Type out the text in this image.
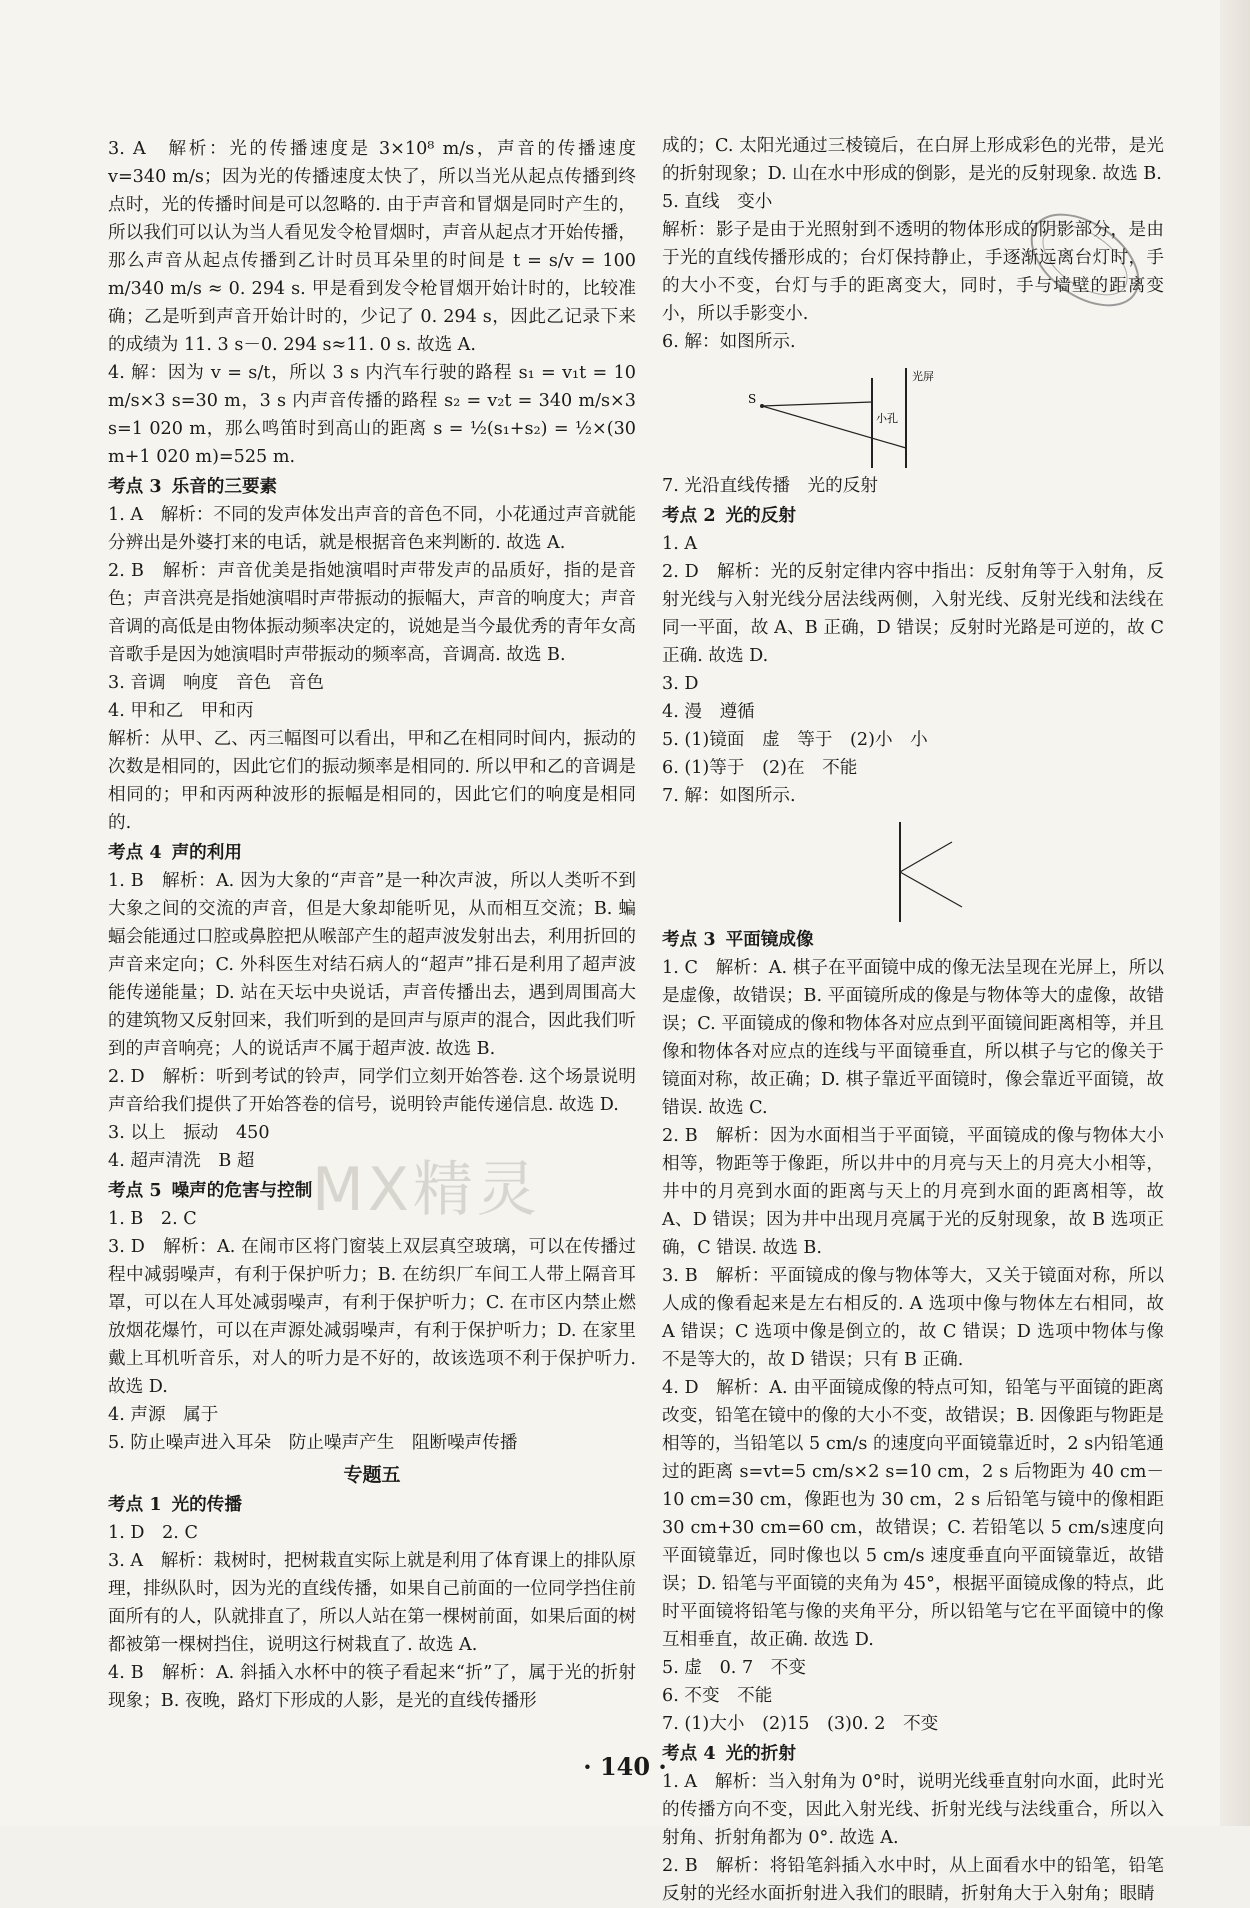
MX精灵

3. A　解析：光的传播速度是 3×10⁸ m/s，声音的传播速度 v=340 m/s；因为光的传播速度太快了，所以当光从起点传播到终点时，光的传播时间是可以忽略的. 由于声音和冒烟是同时产生的，所以我们可以认为当人看见发令枪冒烟时，声音从起点才开始传播，那么声音从起点传播到乙计时员耳朵里的时间是 t = s/v = 100 m/340 m/s ≈ 0. 294 s. 甲是看到发令枪冒烟开始计时的，比较准确；乙是听到声音开始计时的，少记了 0. 294 s，因此乙记录下来的成绩为 11. 3 s－0. 294 s≈11. 0 s. 故选 A.

4. 解：因为 v = s/t，所以 3 s 内汽车行驶的路程 s₁ = v₁t = 10 m/s×3 s=30 m，3 s 内声音传播的路程 s₂ = v₂t = 340 m/s×3 s=1 020 m，那么鸣笛时到高山的距离 s = ½(s₁+s₂) = ½×(30 m+1 020 m)=525 m.

考点 3 乐音的三要素

1. A　解析：不同的发声体发出声音的音色不同，小花通过声音就能分辨出是外婆打来的电话，就是根据音色来判断的. 故选 A.

2. B　解析：声音优美是指她演唱时声带发声的品质好，指的是音色；声音洪亮是指她演唱时声带振动的振幅大，声音的响度大；声音音调的高低是由物体振动频率决定的，说她是当今最优秀的青年女高音歌手是因为她演唱时声带振动的频率高，音调高. 故选 B.

3. 音调　响度　音色　音色

4. 甲和乙　甲和丙

解析：从甲、乙、丙三幅图可以看出，甲和乙在相同时间内，振动的次数是相同的，因此它们的振动频率是相同的. 所以甲和乙的音调是相同的；甲和丙两种波形的振幅是相同的，因此它们的响度是相同的.

考点 4 声的利用

1. B　解析：A. 因为大象的“声音”是一种次声波，所以人类听不到大象之间的交流的声音，但是大象却能听见，从而相互交流；B. 蝙蝠会能通过口腔或鼻腔把从喉部产生的超声波发射出去，利用折回的声音来定向；C. 外科医生对结石病人的“超声”排石是利用了超声波能传递能量；D. 站在天坛中央说话，声音传播出去，遇到周围高大的建筑物又反射回来，我们听到的是回声与原声的混合，因此我们听到的声音响亮；人的说话声不属于超声波. 故选 B.

2. D　解析：听到考试的铃声，同学们立刻开始答卷. 这个场景说明声音给我们提供了开始答卷的信号，说明铃声能传递信息. 故选 D.

3. 以上　振动　450

4. 超声清洗　B 超

考点 5 噪声的危害与控制

1. B　2. C

3. D　解析：A. 在闹市区将门窗装上双层真空玻璃，可以在传播过程中减弱噪声，有利于保护听力；B. 在纺织厂车间工人带上隔音耳罩，可以在人耳处减弱噪声，有利于保护听力；C. 在市区内禁止燃放烟花爆竹，可以在声源处减弱噪声，有利于保护听力；D. 在家里戴上耳机听音乐，对人的听力是不好的，故该选项不利于保护听力. 故选 D.

4. 声源　属于

5. 防止噪声进入耳朵　防止噪声产生　阻断噪声传播

专题五

考点 1 光的传播

1. D　2. C

3. A　解析：栽树时，把树栽直实际上就是利用了体育课上的排队原理，排纵队时，因为光的直线传播，如果自己前面的一位同学挡住前面所有的人，队就排直了，所以人站在第一棵树前面，如果后面的树都被第一棵树挡住，说明这行树栽直了. 故选 A.

4. B　解析：A. 斜插入水杯中的筷子看起来“折”了，属于光的折射现象；B. 夜晚，路灯下形成的人影，是光的直线传播形

成的；C. 太阳光通过三棱镜后，在白屏上形成彩色的光带，是光的折射现象；D. 山在水中形成的倒影，是光的反射现象. 故选 B.

5. 直线　变小

解析：影子是由于光照射到不透明的物体形成的阴影部分，是由于光的直线传播形成的；台灯保持静止，手逐渐远离台灯时，手的大小不变，台灯与手的距离变大，同时，手与墙壁的距离变小，所以手影变小.

6. 解：如图所示.

S
光屏
小孔

7. 光沿直线传播　光的反射

考点 2 光的反射

1. A

2. D　解析：光的反射定律内容中指出：反射角等于入射角，反射光线与入射光线分居法线两侧，入射光线、反射光线和法线在同一平面，故 A、B 正确，D 错误；反射时光路是可逆的，故 C 正确. 故选 D.

3. D

4. 漫　遵循

5. (1)镜面　虚　等于　(2)小　小

6. (1)等于　(2)在　不能

7. 解：如图所示.

考点 3 平面镜成像

1. C　解析：A. 棋子在平面镜中成的像无法呈现在光屏上，所以是虚像，故错误；B. 平面镜所成的像是与物体等大的虚像，故错误；C. 平面镜成的像和物体各对应点到平面镜间距离相等，并且像和物体各对应点的连线与平面镜垂直，所以棋子与它的像关于镜面对称，故正确；D. 棋子靠近平面镜时，像会靠近平面镜，故错误. 故选 C.

2. B　解析：因为水面相当于平面镜，平面镜成的像与物体大小相等，物距等于像距，所以井中的月亮与天上的月亮大小相等，井中的月亮到水面的距离与天上的月亮到水面的距离相等，故 A、D 错误；因为井中出现月亮属于光的反射现象，故 B 选项正确，C 错误. 故选 B.

3. B　解析：平面镜成的像与物体等大，又关于镜面对称，所以人成的像看起来是左右相反的. A 选项中像与物体左右相同，故 A 错误；C 选项中像是倒立的，故 C 错误；D 选项中物体与像不是等大的，故 D 错误；只有 B 正确.

4. D　解析：A. 由平面镜成像的特点可知，铅笔与平面镜的距离改变，铅笔在镜中的像的大小不变，故错误；B. 因像距与物距是相等的，当铅笔以 5 cm/s 的速度向平面镜靠近时，2 s内铅笔通过的距离 s=vt=5 cm/s×2 s=10 cm，2 s 后物距为 40 cm－10 cm=30 cm，像距也为 30 cm，2 s 后铅笔与镜中的像相距 30 cm+30 cm=60 cm，故错误；C. 若铅笔以 5 cm/s速度向平面镜靠近，同时像也以 5 cm/s 速度垂直向平面镜靠近，故错误；D. 铅笔与平面镜的夹角为 45°，根据平面镜成像的特点，此时平面镜将铅笔与像的夹角平分，所以铅笔与它在平面镜中的像互相垂直，故正确. 故选 D.

5. 虚　0. 7　不变

6. 不变　不能

7. (1)大小　(2)15　(3)0. 2　不变

考点 4 光的折射

1. A　解析：当入射角为 0°时，说明光线垂直射向水面，此时光的传播方向不变，因此入射光线、折射光线与法线重合，所以入射角、折射角都为 0°. 故选 A.

2. B　解析：将铅笔斜插入水中时，从上面看水中的铅笔，铅笔反射的光经水面折射进入我们的眼睛，折射角大于入射角；眼睛

· 140 ·
